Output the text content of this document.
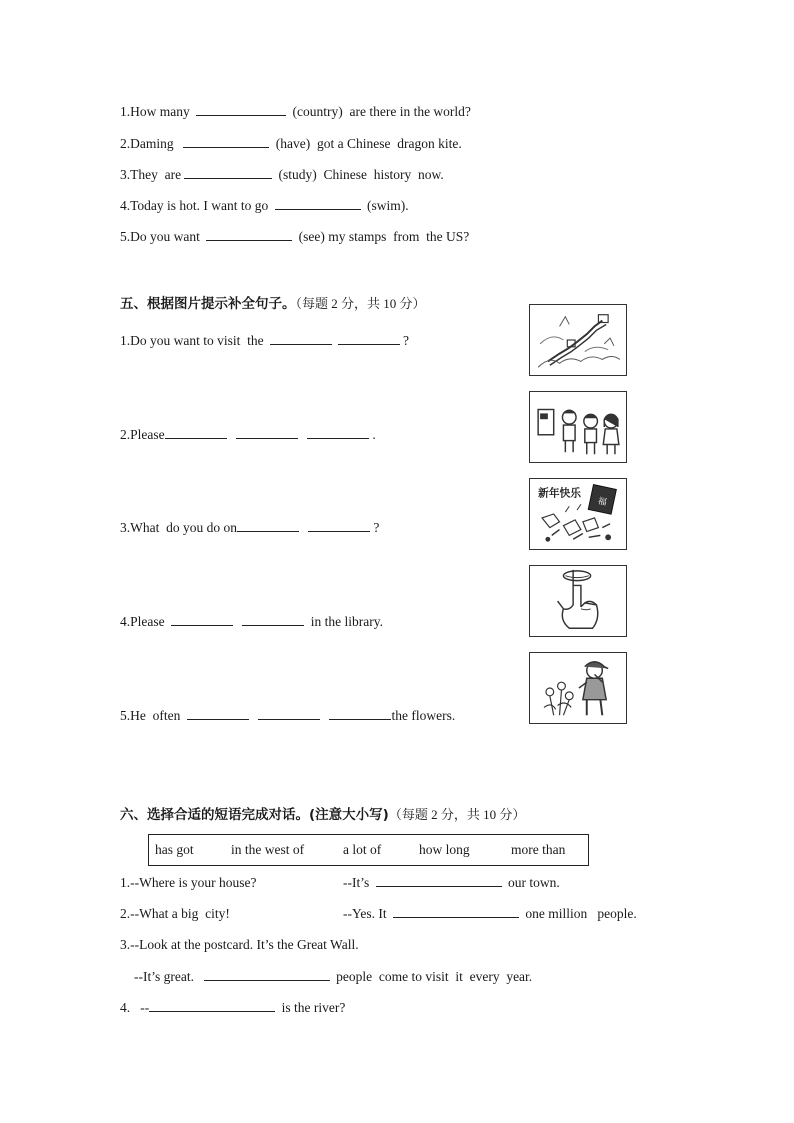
1.How many	(country)  are there in the world?
2.Daming	(have)  got a Chinese  dragon kite.
3.They  are	(study)  Chinese  history  now.
4.Today is hot. I want to go	(swim).
5.Do you want	(see) my stamps  from  the US?
五、根据图片提示补全句子。（每题 2 分，共 10 分）
1.Do you want to visit  the	?
2.Please	.
3.What  do you do on	?
4.Please	in the library.
5.He  often	the flowers.
新年快乐
福
六、选择合适的短语完成对话。(注意大小写)（每题 2 分，共 10 分）
has got	in the west of	a lot of	how long	more than
1.--Where is your house?	--It’s	our town.
2.--What a big  city!	--Yes. It	one million   people.
3.--Look at the postcard. It’s the Great Wall.
--It’s great.	people  come to visit  it  every  year.
4.   --	is the river?
